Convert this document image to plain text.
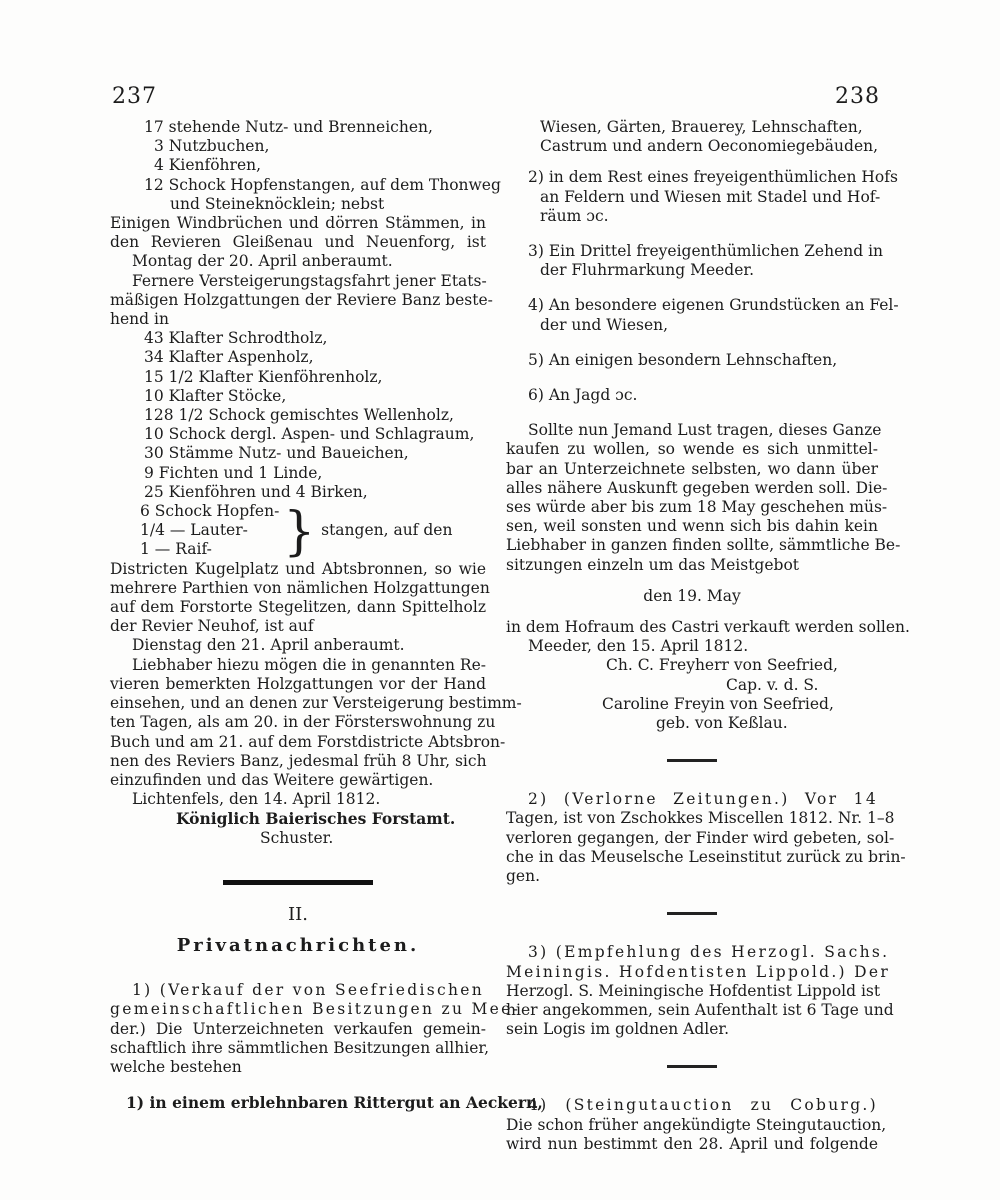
237	238
17 stehende Nutz- und Brenneichen,
3 Nutzbuchen,
4 Kienföhren,
12 Schock Hopfenstangen, auf dem Thonweg
und Steineknöcklein; nebst
Einigen Windbrüchen und dörren Stämmen, in
den Revieren Gleißenau und Neuenforg, ist
Montag der 20. April anberaumt.
Fernere Versteigerungstagsfahrt jener Etats-
mäßigen Holzgattungen der Reviere Banz beste-
hend in
43 Klafter Schrodtholz,
34 Klafter Aspenholz,
15 1/2 Klafter Kienföhrenholz,
10 Klafter Stöcke,
128 1/2 Schock gemischtes Wellenholz,
10 Schock dergl. Aspen- und Schlagraum,
30 Stämme Nutz- und Baueichen,
9 Fichten und 1 Linde,
25 Kienföhren und 4 Birken,
6 Schock Hopfen-
1/4 — Lauter-
1 — Raif-	} stangen, auf den
Districten Kugelplatz und Abtsbronnen, so wie
mehrere Parthien von nämlichen Holzgattungen
auf dem Forstorte Stegelitzen, dann Spittelholz
der Revier Neuhof, ist auf
Dienstag den 21. April anberaumt.
Liebhaber hiezu mögen die in genannten Re-
vieren bemerkten Holzgattungen vor der Hand
einsehen, und an denen zur Versteigerung bestimm-
ten Tagen, als am 20. in der Försterswohnung zu
Buch und am 21. auf dem Forstdistricte Abtsbron-
nen des Reviers Banz, jedesmal früh 8 Uhr, sich
einzufinden und das Weitere gewärtigen.
Lichtenfels, den 14. April 1812.
Königlich Baierisches Forstamt.
Schuster.
II.
Privatnachrichten.
1) (Verkauf der von Seefriedischen
gemeinschaftlichen Besitzungen zu Mee-
der.) Die Unterzeichneten verkaufen gemein-
schaftlich ihre sämmtlichen Besitzungen allhier,
welche bestehen
1) in einem erblehnbaren Rittergut an Aeckern,
Wiesen, Gärten, Brauerey, Lehnschaften,
Castrum und andern Oeconomiegebäuden,
2) in dem Rest eines freyeigenthümlichen Hofs
an Feldern und Wiesen mit Stadel und Hof-
räum ɔc.
3) Ein Drittel freyeigenthümlichen Zehend in
der Fluhrmarkung Meeder.
4) An besondere eigenen Grundstücken an Fel-
der und Wiesen,
5) An einigen besondern Lehnschaften,
6) An Jagd ɔc.
Sollte nun Jemand Lust tragen, dieses Ganze
kaufen zu wollen, so wende es sich unmittel-
bar an Unterzeichnete selbsten, wo dann über
alles nähere Auskunft gegeben werden soll. Die-
ses würde aber bis zum 18 May geschehen müs-
sen, weil sonsten und wenn sich bis dahin kein
Liebhaber in ganzen finden sollte, sämmtliche Be-
sitzungen einzeln um das Meistgebot
den 19. May
in dem Hofraum des Castri verkauft werden sollen.
Meeder, den 15. April 1812.
Ch. C. Freyherr von Seefried,
Cap. v. d. S.
Caroline Freyin von Seefried,
geb. von Keßlau.
2) (Verlorne Zeitungen.) Vor 14
Tagen, ist von Zschokkes Miscellen 1812. Nr. 1–8
verloren gegangen, der Finder wird gebeten, sol-
che in das Meuselsche Leseinstitut zurück zu brin-
gen.
3) (Empfehlung des Herzogl. Sachs.
Meiningis. Hofdentisten Lippold.) Der
Herzogl. S. Meiningische Hofdentist Lippold ist
hier angekommen, sein Aufenthalt ist 6 Tage und
sein Logis im goldnen Adler.
4) (Steingutauction zu Coburg.)
Die schon früher angekündigte Steingutauction,
wird nun bestimmt den 28. April und folgende
